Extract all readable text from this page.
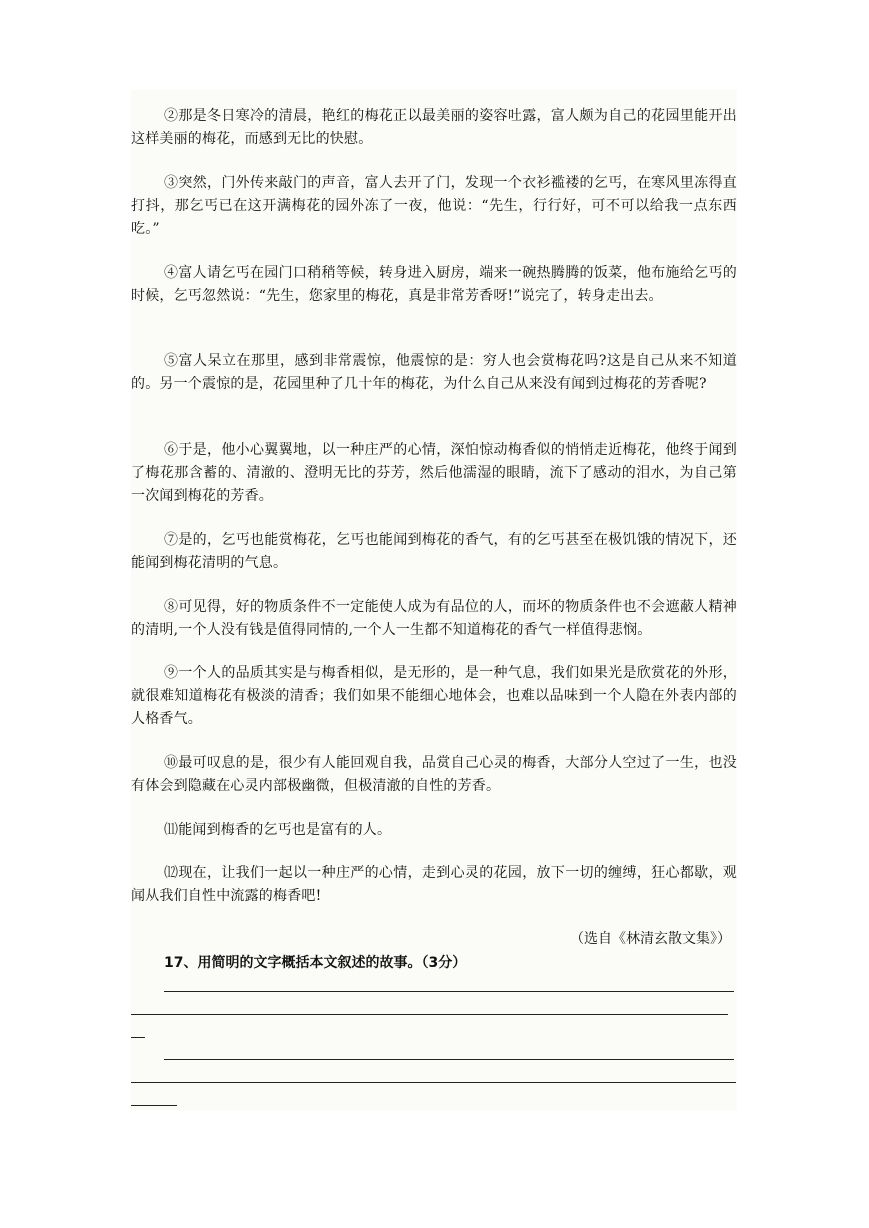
②那是冬日寒冷的清晨，艳红的梅花正以最美丽的姿容吐露，富人颇为自己的花园里能开出这样美丽的梅花，而感到无比的快慰。

③突然，门外传来敲门的声音，富人去开了门，发现一个衣衫褴褛的乞丐，在寒风里冻得直打抖，那乞丐已在这开满梅花的园外冻了一夜，他说：“先生，行行好，可不可以给我一点东西吃。”

④富人请乞丐在园门口稍稍等候，转身进入厨房，端来一碗热腾腾的饭菜，他布施给乞丐的时候，乞丐忽然说：“先生，您家里的梅花，真是非常芳香呀!”说完了，转身走出去。

⑤富人呆立在那里，感到非常震惊，他震惊的是：穷人也会赏梅花吗?这是自己从来不知道的。另一个震惊的是，花园里种了几十年的梅花，为什么自己从来没有闻到过梅花的芳香呢?

⑥于是，他小心翼翼地，以一种庄严的心情，深怕惊动梅香似的悄悄走近梅花，他终于闻到了梅花那含蓄的、清澈的、澄明无比的芬芳，然后他濡湿的眼睛，流下了感动的泪水，为自己第一次闻到梅花的芳香。

⑦是的，乞丐也能赏梅花，乞丐也能闻到梅花的香气，有的乞丐甚至在极饥饿的情况下，还能闻到梅花清明的气息。

⑧可见得，好的物质条件不一定能使人成为有品位的人，而坏的物质条件也不会遮蔽人精神的清明,一个人没有钱是值得同情的,一个人一生都不知道梅花的香气一样值得悲悯。

⑨一个人的品质其实是与梅香相似，是无形的，是一种气息，我们如果光是欣赏花的外形，就很难知道梅花有极淡的清香；我们如果不能细心地体会，也难以品味到一个人隐在外表内部的人格香气。

⑩最可叹息的是，很少有人能回观自我，品赏自己心灵的梅香，大部分人空过了一生，也没有体会到隐藏在心灵内部极幽微，但极清澈的自性的芳香。

⑾能闻到梅香的乞丐也是富有的人。

⑿现在，让我们一起以一种庄严的心情，走到心灵的花园，放下一切的缠缚，狂心都歇，观闻从我们自性中流露的梅香吧!

（选自《林清玄散文集》）
17、用简明的文字概括本文叙述的故事。（3分）
